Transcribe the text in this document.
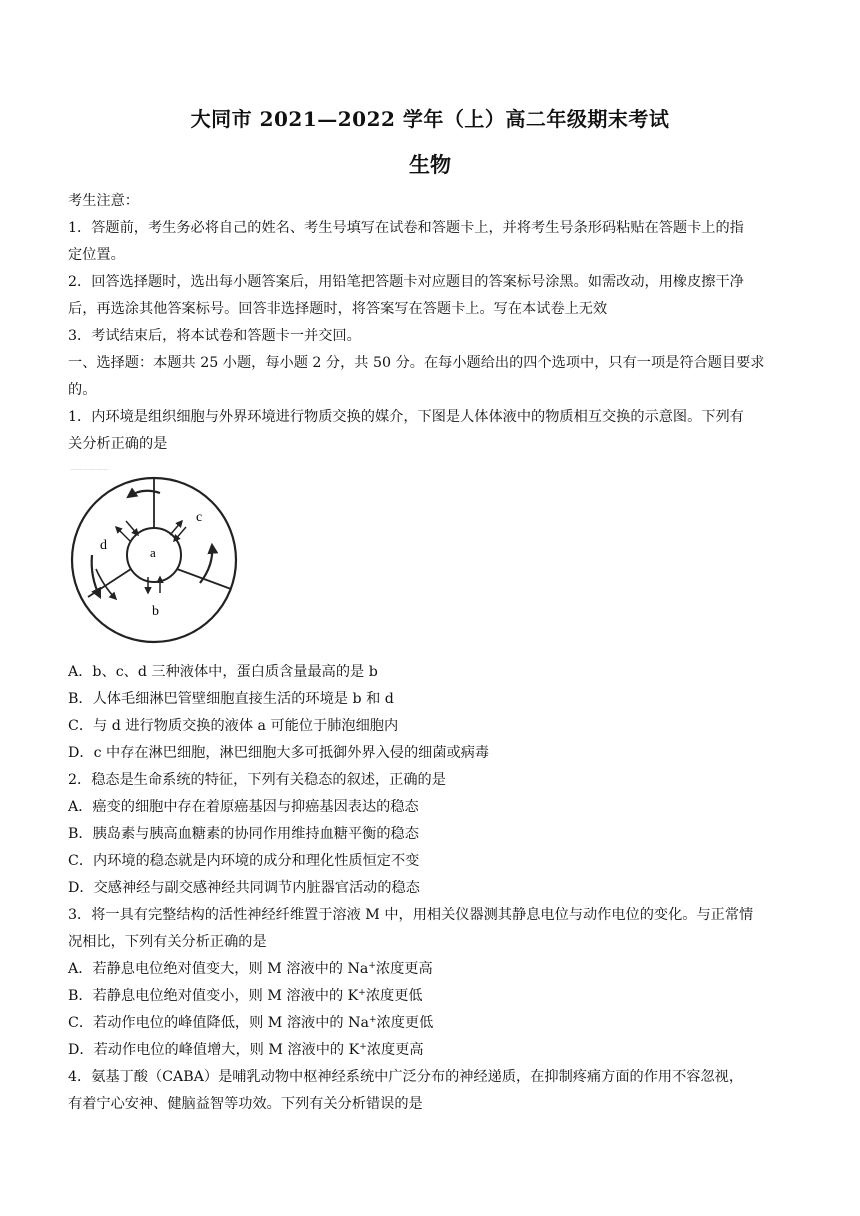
大同市 2021—2022 学年（上）高二年级期末考试
生物
考生注意：
1．答题前，考生务必将自己的姓名、考生号填写在试卷和答题卡上，并将考生号条形码粘贴在答题卡上的指
定位置。
2．回答选择题时，选出每小题答案后，用铅笔把答题卡对应题目的答案标号涂黑。如需改动，用橡皮擦干净
后，再选涂其他答案标号。回答非选择题时，将答案写在答题卡上。写在本试卷上无效
3．考试结束后，将本试卷和答题卡一并交回。
一、选择题：本题共 25 小题，每小题 2 分，共 50 分。在每小题给出的四个选项中，只有一项是符合题目要求
的。
1．内环境是组织细胞与外界环境进行物质交换的媒介，下图是人体体液中的物质相互交换的示意图。下列有
关分析正确的是
———
a
b
c
d
A．b、c、d 三种液体中，蛋白质含量最高的是 b
B．人体毛细淋巴管壁细胞直接生活的环境是 b 和 d
C．与 d 进行物质交换的液体 a 可能位于肺泡细胞内
D．c 中存在淋巴细胞，淋巴细胞大多可抵御外界入侵的细菌或病毒
2．稳态是生命系统的特征，下列有关稳态的叙述，正确的是
A．癌变的细胞中存在着原癌基因与抑癌基因表达的稳态
B．胰岛素与胰高血糖素的协同作用维持血糖平衡的稳态
C．内环境的稳态就是内环境的成分和理化性质恒定不变
D．交感神经与副交感神经共同调节内脏器官活动的稳态
3．将一具有完整结构的活性神经纤维置于溶液 M 中，用相关仪器测其静息电位与动作电位的变化。与正常情
况相比，下列有关分析正确的是
A．若静息电位绝对值变大，则 M 溶液中的 Na+浓度更高
B．若静息电位绝对值变小，则 M 溶液中的 K+浓度更低
C．若动作电位的峰值降低，则 M 溶液中的 Na+浓度更低
D．若动作电位的峰值增大，则 M 溶液中的 K+浓度更高
4．氨基丁酸（CABA）是哺乳动物中枢神经系统中广泛分布的神经递质，在抑制疼痛方面的作用不容忽视，
有着宁心安神、健脑益智等功效。下列有关分析错误的是
